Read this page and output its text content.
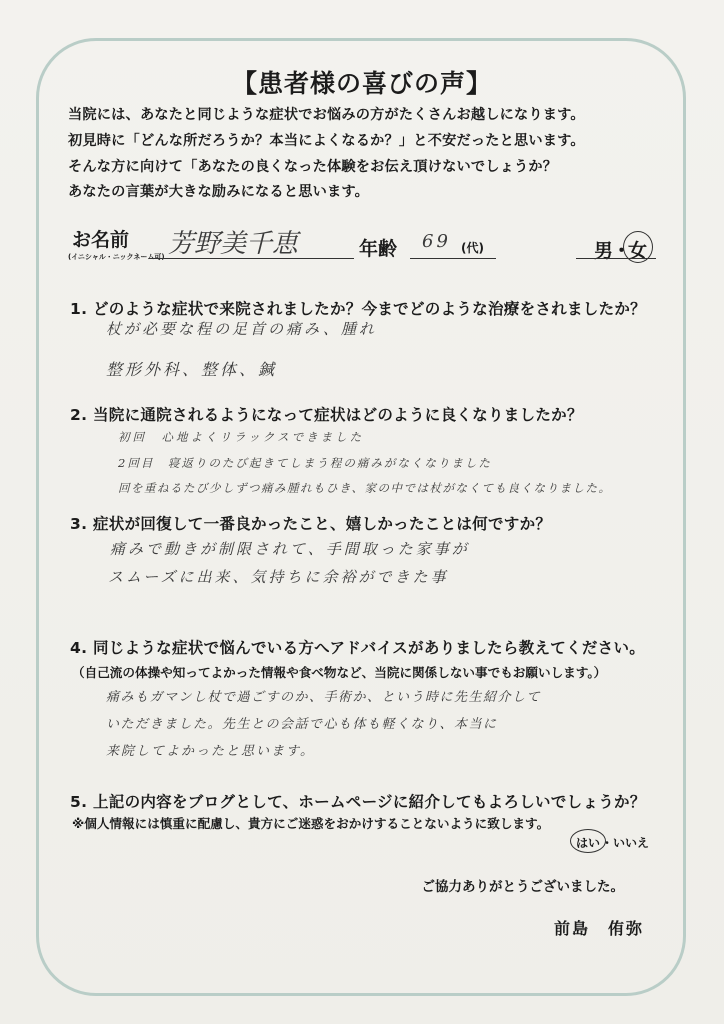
【患者様の喜びの声】
当院には、あなたと同じような症状でお悩みの方がたくさんお越しになります。
初見時に「どんな所だろうか？本当によくなるか？」と不安だったと思います。
そんな方に向けて「あなたの良くなった体験をお伝え頂けないでしょうか？
あなたの言葉が大きな励みになると思います。
お名前
(イニシャル・ニックネーム可) 芳野美千恵	年齢 69 (代)	男
・
女
1. どのような症状で来院されましたか？今までどのような治療をされましたか？
杖が必要な程の足首の痛み、腫れ
整形外科、整体、鍼
2. 当院に通院されるようになって症状はどのように良くなりましたか？
初回　心地よくリラックスできました
2回目　寝返りのたび起きてしまう程の痛みがなくなりました
回を重ねるたび少しずつ痛み腫れもひき、家の中では杖がなくても良くなりました。
3. 症状が回復して一番良かったこと、嬉しかったことは何ですか？
痛みで動きが制限されて、手間取った家事が
スムーズに出来、気持ちに余裕ができた事
4. 同じような症状で悩んでいる方へアドバイスがありましたら教えてください。
（自己流の体操や知ってよかった情報や食べ物など、当院に関係しない事でもお願いします。）
痛みもガマンし杖で過ごすのか、手術か、という時に先生紹介して
いただきました。先生との会話で心も体も軽くなり、本当に
来院してよかったと思います。
5. 上記の内容をブログとして、ホームページに紹介してもよろしいでしょうか？
※個人情報には慎重に配慮し、貴方にご迷惑をおかけすることないように致します。
はい ・ いいえ
ご協力ありがとうございました。
前島　侑弥
